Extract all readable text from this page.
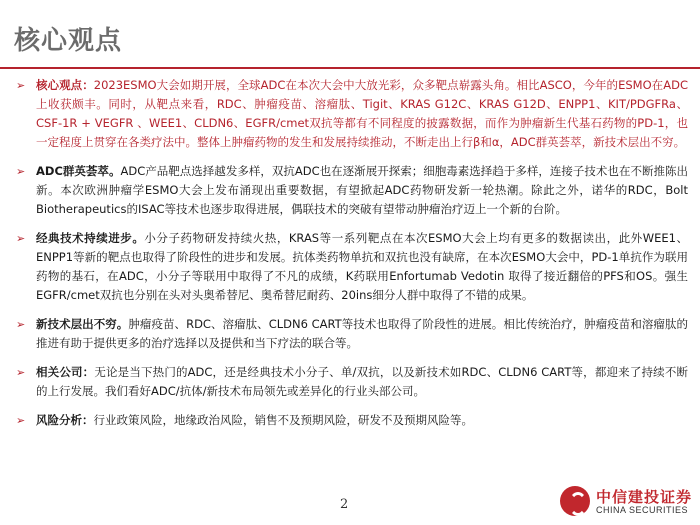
核心观点
➢ 核心观点：2023ESMO大会如期开展，全球ADC在本次大会中大放光彩，众多靶点崭露头角。相比ASCO，今年的ESMO在ADC上收获颇丰。同时，从靶点来看，RDC、肿瘤疫苗、溶瘤肽、Tigit、KRAS G12C、KRAS G12D、ENPP1、KIT/PDGFRa、CSF-1R + VEGFR 、WEE1、CLDN6、EGFR/cmet双抗等都有不同程度的披露数据，而作为肿瘤新生代基石药物的PD-1，也一定程度上贯穿在各类疗法中。整体上肿瘤药物的发生和发展持续推动，不断走出上行β和α，ADC群英荟萃，新技术层出不穷。
➢ ADC群英荟萃。ADC产品靶点选择越发多样，双抗ADC也在逐渐展开探索；细胞毒素选择趋于多样，连接子技术也在不断推陈出新。本次欧洲肿瘤学ESMO大会上发布涌现出重要数据，有望掀起ADC药物研发新一轮热潮。除此之外，诺华的RDC，Bolt Biotherapeutics的ISAC等技术也逐步取得进展，偶联技术的突破有望带动肿瘤治疗迈上一个新的台阶。
➢ 经典技术持续进步。小分子药物研发持续火热，KRAS等一系列靶点在本次ESMO大会上均有更多的数据读出，此外WEE1、ENPP1等新的靶点也取得了阶段性的进步和发展。抗体类药物单抗和双抗也没有缺席，在本次ESMO大会中，PD-1单抗作为联用药物的基石，在ADC，小分子等联用中取得了不凡的成绩，K药联用Enfortumab Vedotin 取得了接近翻倍的PFS和OS。强生EGFR/cmet双抗也分别在头对头奥希替尼、奥希替尼耐药、20ins细分人群中取得了不错的成果。
➢ 新技术层出不穷。肿瘤疫苗、RDC、溶瘤肽、CLDN6 CART等技术也取得了阶段性的进展。相比传统治疗，肿瘤疫苗和溶瘤肽的推进有助于提供更多的治疗选择以及提供和当下疗法的联合等。
➢ 相关公司：无论是当下热门的ADC，还是经典技术小分子、单/双抗，以及新技术如RDC、CLDN6 CART等，都迎来了持续不断的上行发展。我们看好ADC/抗体/新技术布局领先或差异化的行业头部公司。
➢ 风险分析：行业政策风险，地缘政治风险，销售不及预期风险，研发不及预期风险等。
2	中信建投证券
CHINA SECURITIES
